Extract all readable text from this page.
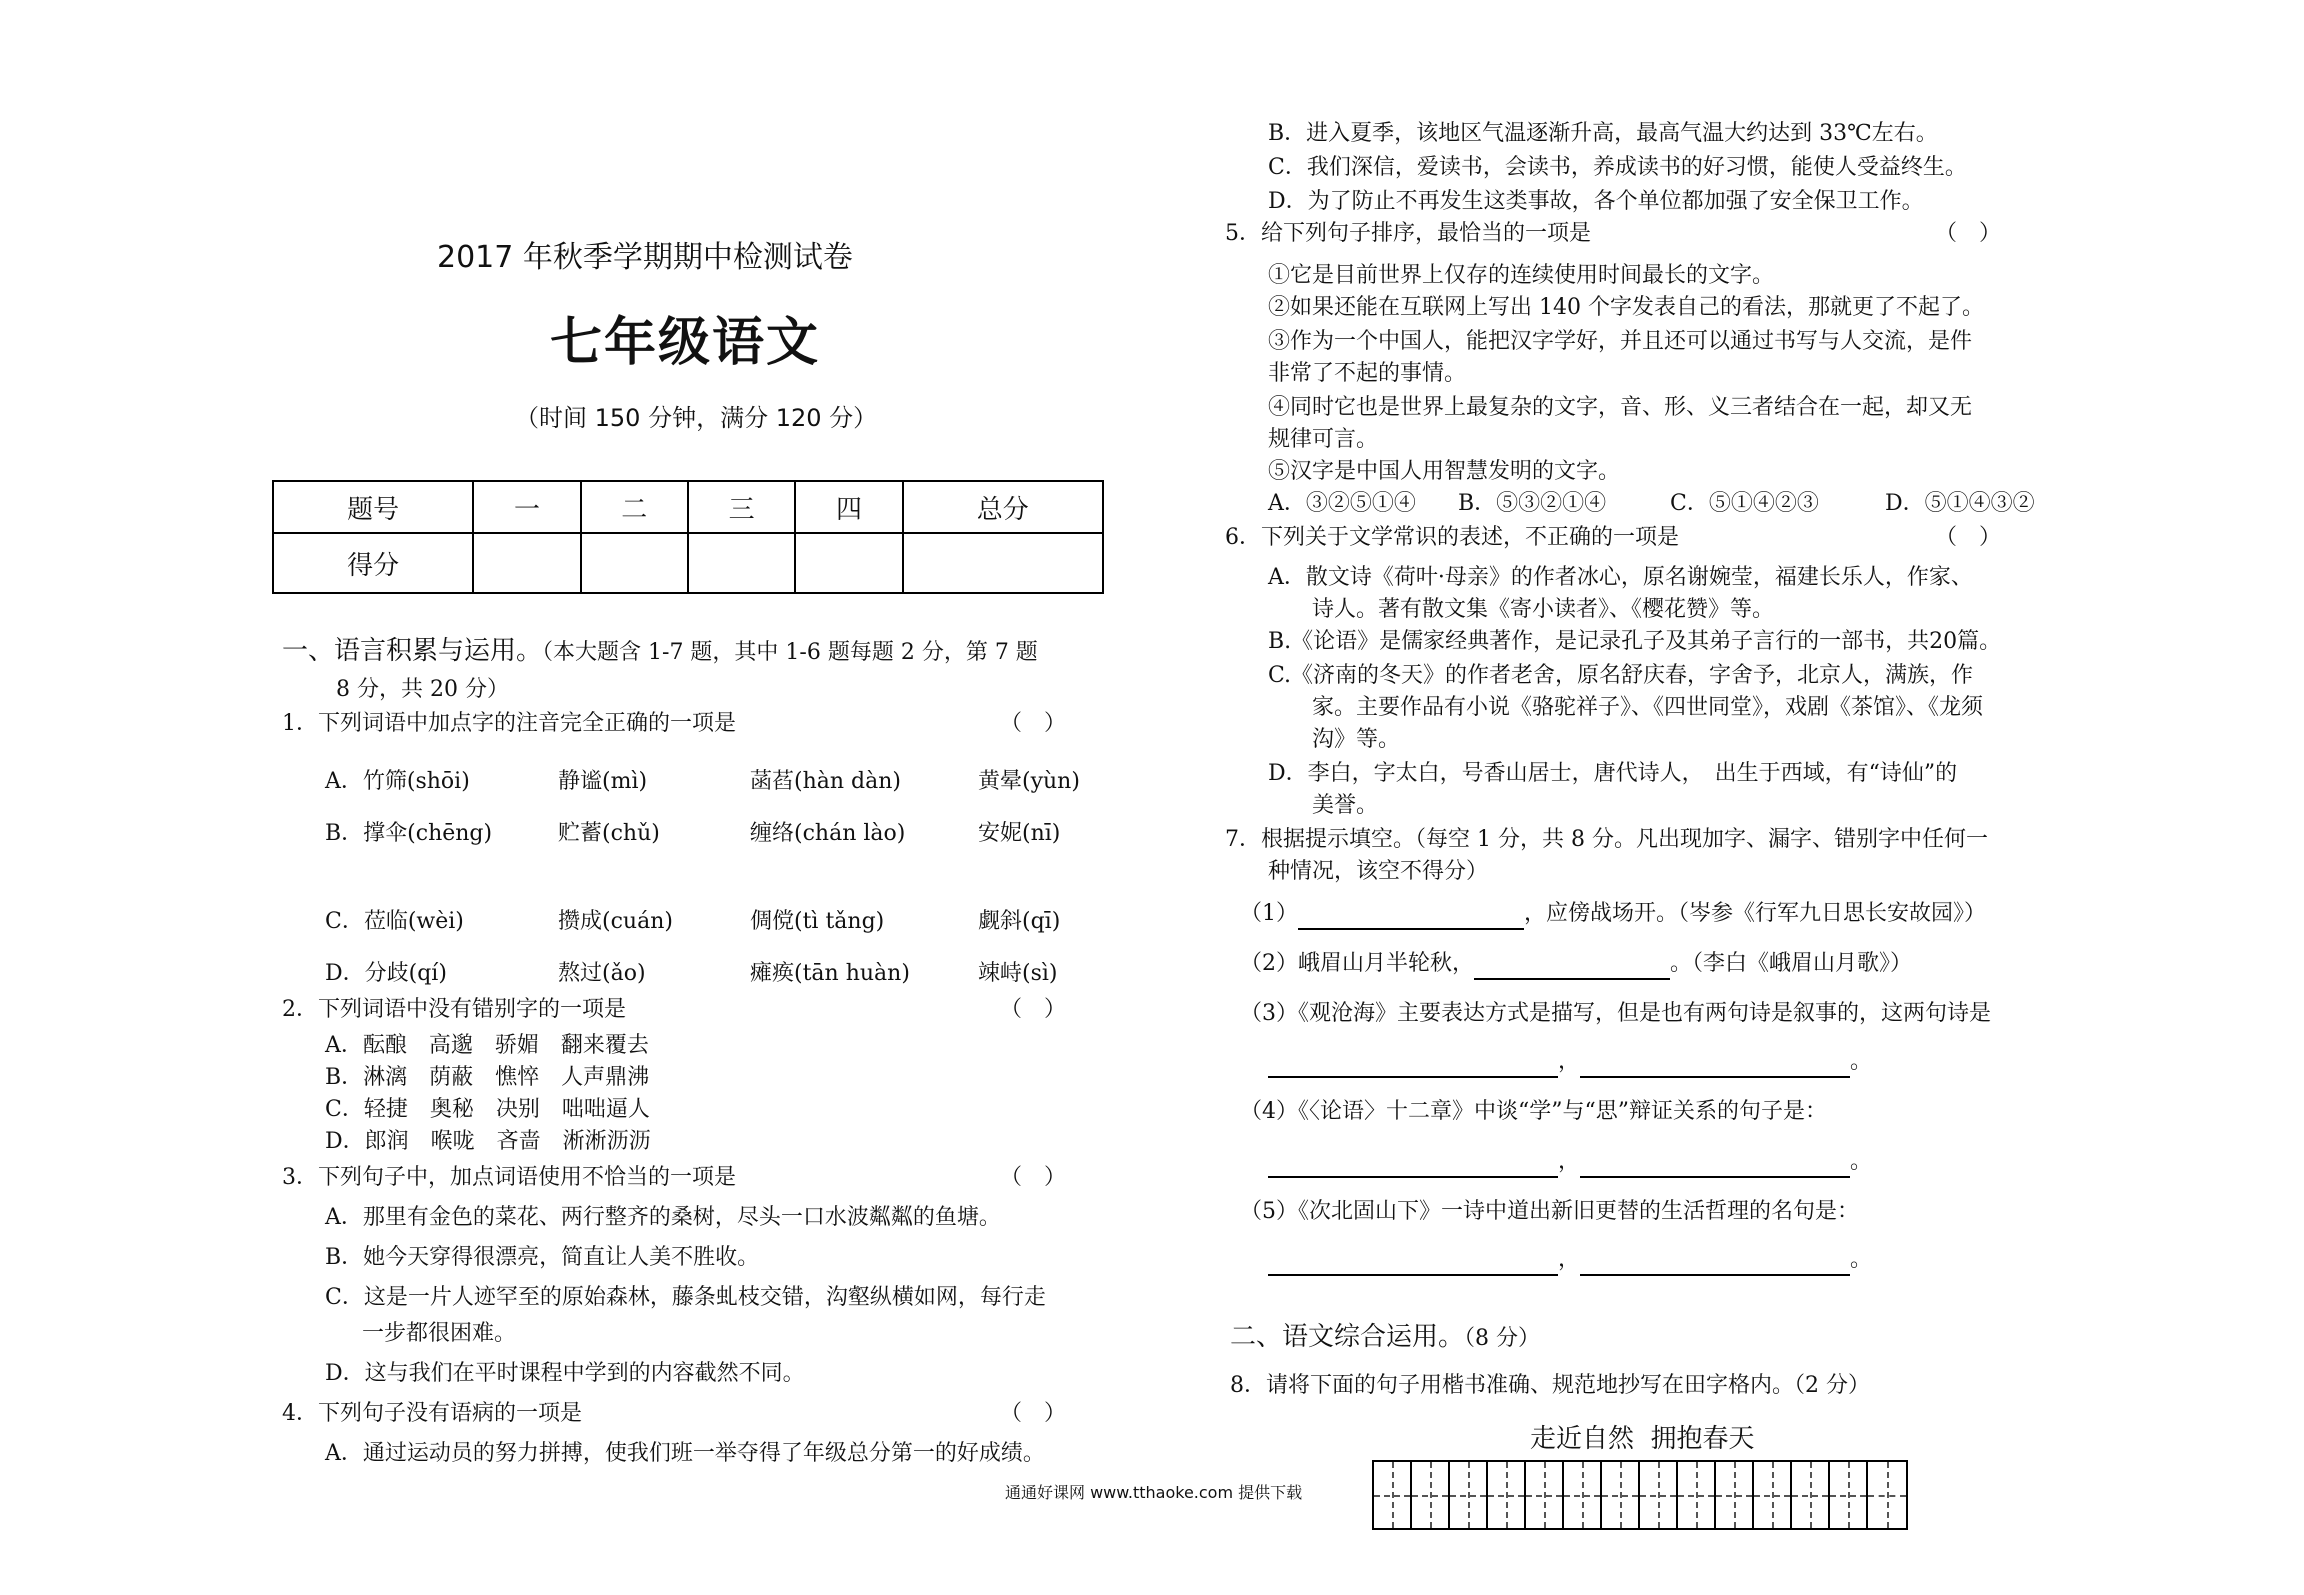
2017 年秋季学期期中检测试卷
七年级语文
（时间 150 分钟，满分 120 分）
题号	一	二	三	四	总分
得分					
一、语言积累与运用。（本大题含 1-7 题，其中 1-6 题每题 2 分，第 7 题
8 分，共 20 分）
1．下列词语中加点字的注音完全正确的一项是	（　）
A．竹筛(shōi)	静谧(mì)	菡萏(hàn dàn)	黄晕(yùn)
B．撑伞(chēng)	贮蓄(chǔ)	缠络(chán lào)	安妮(nī)
C．莅临(wèi)	攒成(cuán)	倜傥(tì tǎng)	觑斜(qī)
D．分歧(qí)	熬过(ǎo)	瘫痪(tān huàn)	竦峙(sì)
2．下列词语中没有错别字的一项是	（　）
A．酝酿　高邈　骄媚　翻来覆去
B．淋漓　荫蔽　憔悴　人声鼎沸
C．轻捷　奥秘　决别　咄咄逼人
D．郎润　喉咙　吝啬　淅淅沥沥
3．下列句子中，加点词语使用不恰当的一项是	（　）
A．那里有金色的菜花、两行整齐的桑树，尽头一口水波粼粼的鱼塘。
B．她今天穿得很漂亮，简直让人美不胜收。
C．这是一片人迹罕至的原始森林，藤条虬枝交错，沟壑纵横如网，每行走
一步都很困难。
D．这与我们在平时课程中学到的内容截然不同。
4．下列句子没有语病的一项是	（　）
A．通过运动员的努力拼搏，使我们班一举夺得了年级总分第一的好成绩。
B．进入夏季，该地区气温逐渐升高，最高气温大约达到 33℃左右。
C．我们深信，爱读书，会读书，养成读书的好习惯，能使人受益终生。
D．为了防止不再发生这类事故，各个单位都加强了安全保卫工作。
5．给下列句子排序，最恰当的一项是	（　）
①它是目前世界上仅存的连续使用时间最长的文字。
②如果还能在互联网上写出 140 个字发表自己的看法，那就更了不起了。
③作为一个中国人，能把汉字学好，并且还可以通过书写与人交流，是件
非常了不起的事情。
④同时它也是世界上最复杂的文字，音、形、义三者结合在一起，却又无
规律可言。
⑤汉字是中国人用智慧发明的文字。
A．③②⑤①④ B．⑤③②①④	C．⑤①④②③	D．⑤①④③②
6．下列关于文学常识的表述，不正确的一项是	（　）
A．散文诗《荷叶·母亲》的作者冰心，原名谢婉莹，福建长乐人，作家、
诗人。著有散文集《寄小读者》、《樱花赞》等。
B.《论语》是儒家经典著作，是记录孔子及其弟子言行的一部书，共20篇。
C.《济南的冬天》的作者老舍，原名舒庆春，字舍予，北京人，满族，作
家。主要作品有小说《骆驼祥子》、《四世同堂》，戏剧《茶馆》、《龙须
沟》等。
D．李白，字太白，号香山居士，唐代诗人，　出生于西域，有“诗仙”的
美誉。
7．根据提示填空。（每空 1 分，共 8 分。凡出现加字、漏字、错别字中任何一
种情况，该空不得分）
（1）	，应傍战场开。（岑参《行军九日思长安故园》）
（2）峨眉山月半轮秋，	。（李白《峨眉山月歌》）
（3）《观沧海》主要表达方式是描写，但是也有两句诗是叙事的，这两句诗是
，	。
（4）《〈论语〉十二章》中谈“学”与“思”辩证关系的句子是：
，	。
（5）《次北固山下》一诗中道出新旧更替的生活哲理的名句是：
，	。
二、语文综合运用。（8 分）
8．请将下面的句子用楷书准确、规范地抄写在田字格内。（2 分）
走近自然  拥抱春天
通通好课网 www.tthaoke.com 提供下载
